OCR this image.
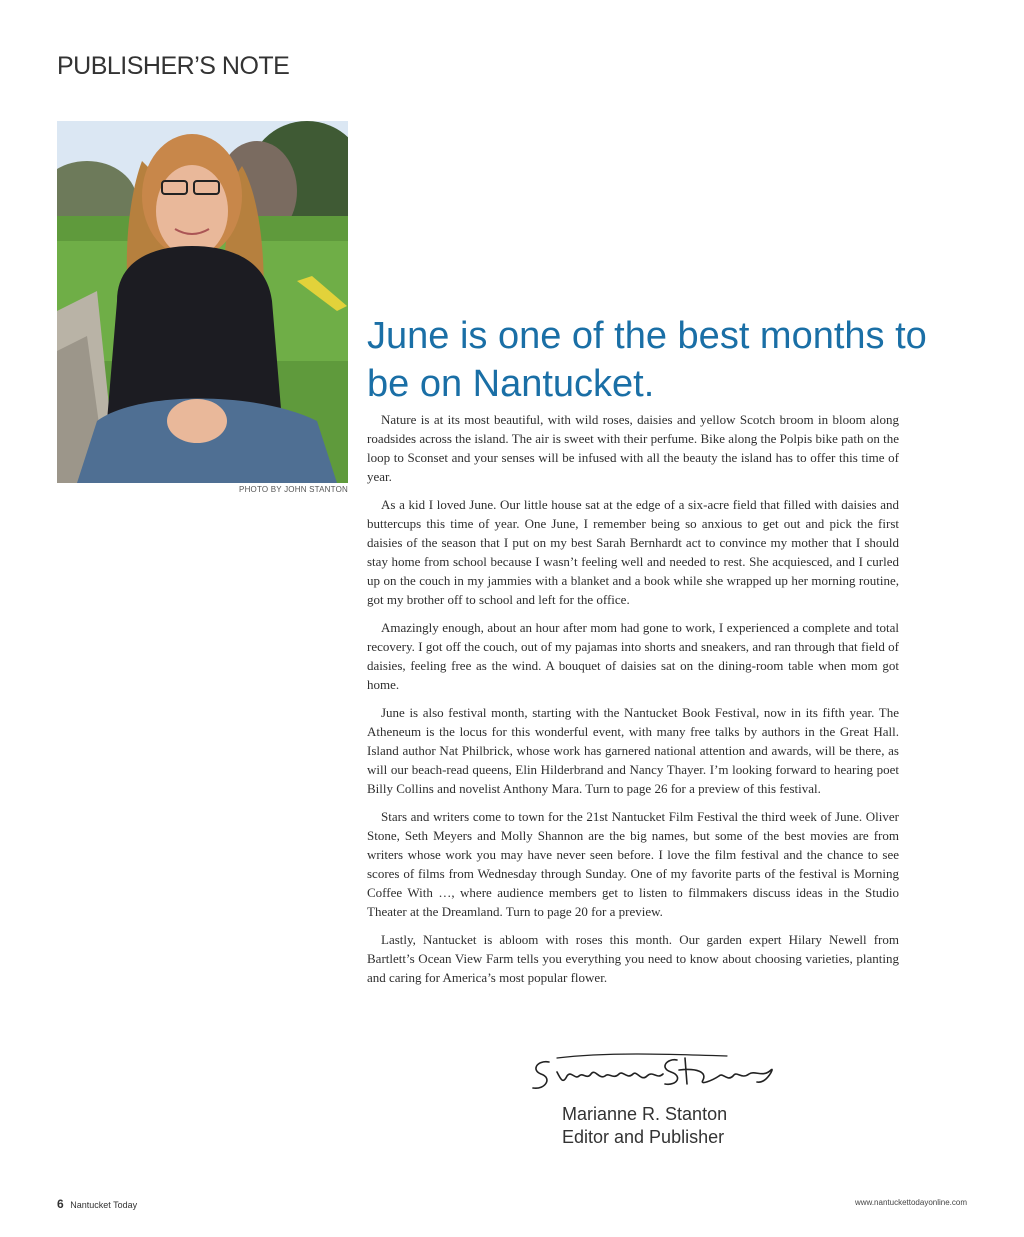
PUBLISHER’S NOTE
PHOTO BY JOHN STANTON
June is one of the best months to be on Nantucket.

Nature is at its most beautiful, with wild roses, daisies and yellow Scotch broom in bloom along roadsides across the island. The air is sweet with their perfume. Bike along the Polpis bike path on the loop to Sconset and your senses will be infused with all the beauty the island has to offer this time of year.

As a kid I loved June. Our little house sat at the edge of a six-acre field that filled with daisies and buttercups this time of year. One June, I remember being so anxious to get out and pick the first daisies of the season that I put on my best Sarah Bernhardt act to convince my mother that I should stay home from school because I wasn’t feeling well and needed to rest. She acquiesced, and I curled up on the couch in my jammies with a blanket and a book while she wrapped up her morning routine, got my brother off to school and left for the office.

Amazingly enough, about an hour after mom had gone to work, I experienced a complete and total recovery. I got off the couch, out of my pajamas into shorts and sneakers, and ran through that field of daisies, feeling free as the wind. A bouquet of daisies sat on the dining-room table when mom got home.

June is also festival month, starting with the Nantucket Book Festival, now in its fifth year. The Atheneum is the locus for this wonderful event, with many free talks by authors in the Great Hall. Island author Nat Philbrick, whose work has garnered national attention and awards, will be there, as will our beach-read queens, Elin Hilderbrand and Nancy Thayer. I’m looking forward to hearing poet Billy Collins and novelist Anthony Mara. Turn to page 26 for a preview of this festival.

Stars and writers come to town for the 21st Nantucket Film Festival the third week of June. Oliver Stone, Seth Meyers and Molly Shannon are the big names, but some of the best movies are from writers whose work you may have never seen before. I love the film festival and the chance to see scores of films from Wednesday through Sunday. One of my favorite parts of the festival is Morning Coffee With …, where audience members get to listen to filmmakers discuss ideas in the Studio Theater at the Dreamland. Turn to page 20 for a preview.

Lastly, Nantucket is abloom with roses this month. Our garden expert Hilary Newell from Bartlett’s Ocean View Farm tells you everything you need to know about choosing varieties, planting and caring for America’s most popular flower.

Marianne R. Stanton
Editor and Publisher
6 Nantucket Today	www.nantuckettodayonline.com
